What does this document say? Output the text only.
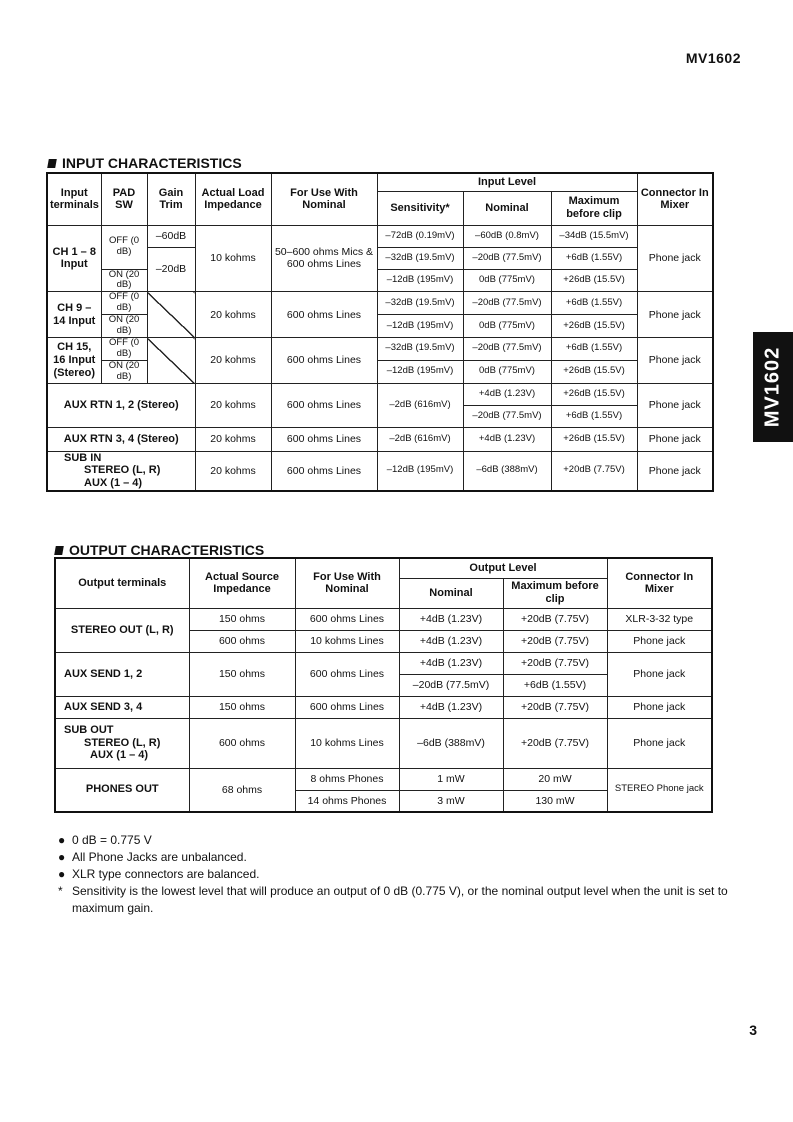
MV1602
MV1602
INPUT CHARACTERISTICS
Input terminals	PAD SW	Gain Trim	Actual Load Impedance	For Use With Nominal	Input Level			Connector In Mixer
					Sensitivity*	Nominal	Maximum before clip	
CH 1 – 8 Input	OFF (0 dB)	–60dB	10 kohms	50–600 ohms Mics & 600 ohms Lines	–72dB (0.19mV)	–60dB (0.8mV)	–34dB (15.5mV)	Phone jack
		–20dB			–32dB (19.5mV)	–20dB (77.5mV)	+6dB (1.55V)	
	ON (20 dB)				–12dB (195mV)	0dB (775mV)	+26dB (15.5V)	
CH 9 – 14 Input	OFF (0 dB)		20 kohms	600 ohms Lines	–32dB (19.5mV)	–20dB (77.5mV)	+6dB (1.55V)	Phone jack
	ON (20 dB)				–12dB (195mV)	0dB (775mV)	+26dB (15.5V)	
CH 15, 16 Input (Stereo)	OFF (0 dB)		20 kohms	600 ohms Lines	–32dB (19.5mV)	–20dB (77.5mV)	+6dB (1.55V)	Phone jack
	ON (20 dB)				–12dB (195mV)	0dB (775mV)	+26dB (15.5V)	
AUX RTN 1, 2 (Stereo)			20 kohms	600 ohms Lines	–2dB (616mV)	+4dB (1.23V)	+26dB (15.5V)	Phone jack
						–20dB (77.5mV)	+6dB (1.55V)	
AUX RTN 3, 4 (Stereo)			20 kohms	600 ohms Lines	–2dB (616mV)	+4dB (1.23V)	+26dB (15.5V)	Phone jack

SUB IN
STEREO (L, R)
AUX (1 – 4)			20 kohms	600 ohms Lines	–12dB (195mV)	–6dB (388mV)	+20dB (7.75V)	Phone jack
OUTPUT CHARACTERISTICS
Output terminals	Actual Source Impedance	For Use With Nominal	Output Level		Connector In Mixer
			Nominal	Maximum before clip	
STEREO OUT (L, R)	150 ohms	600 ohms Lines	+4dB (1.23V)	+20dB (7.75V)	XLR-3-32 type
	600 ohms	10 kohms Lines	+4dB (1.23V)	+20dB (7.75V)	Phone jack
AUX SEND 1, 2	150 ohms	600 ohms Lines	+4dB (1.23V)	+20dB (7.75V)	Phone jack
			–20dB (77.5mV)	+6dB (1.55V)	
AUX SEND 3, 4	150 ohms	600 ohms Lines	+4dB (1.23V)	+20dB (7.75V)	Phone jack

SUB OUT
STEREO (L, R)
AUX (1 – 4)	600 ohms	10 kohms Lines	–6dB (388mV)	+20dB (7.75V)	Phone jack
PHONES OUT	68 ohms	8 ohms Phones	1 mW	20 mW	STEREO Phone jack
		14 ohms Phones	3 mW	130 mW	
● 0 dB = 0.775 V
● All Phone Jacks are unbalanced.
● XLR type connectors are balanced.
* Sensitivity is the lowest level that will produce an output of 0 dB (0.775 V), or the nominal output level when the unit is set to maximum gain.
3
